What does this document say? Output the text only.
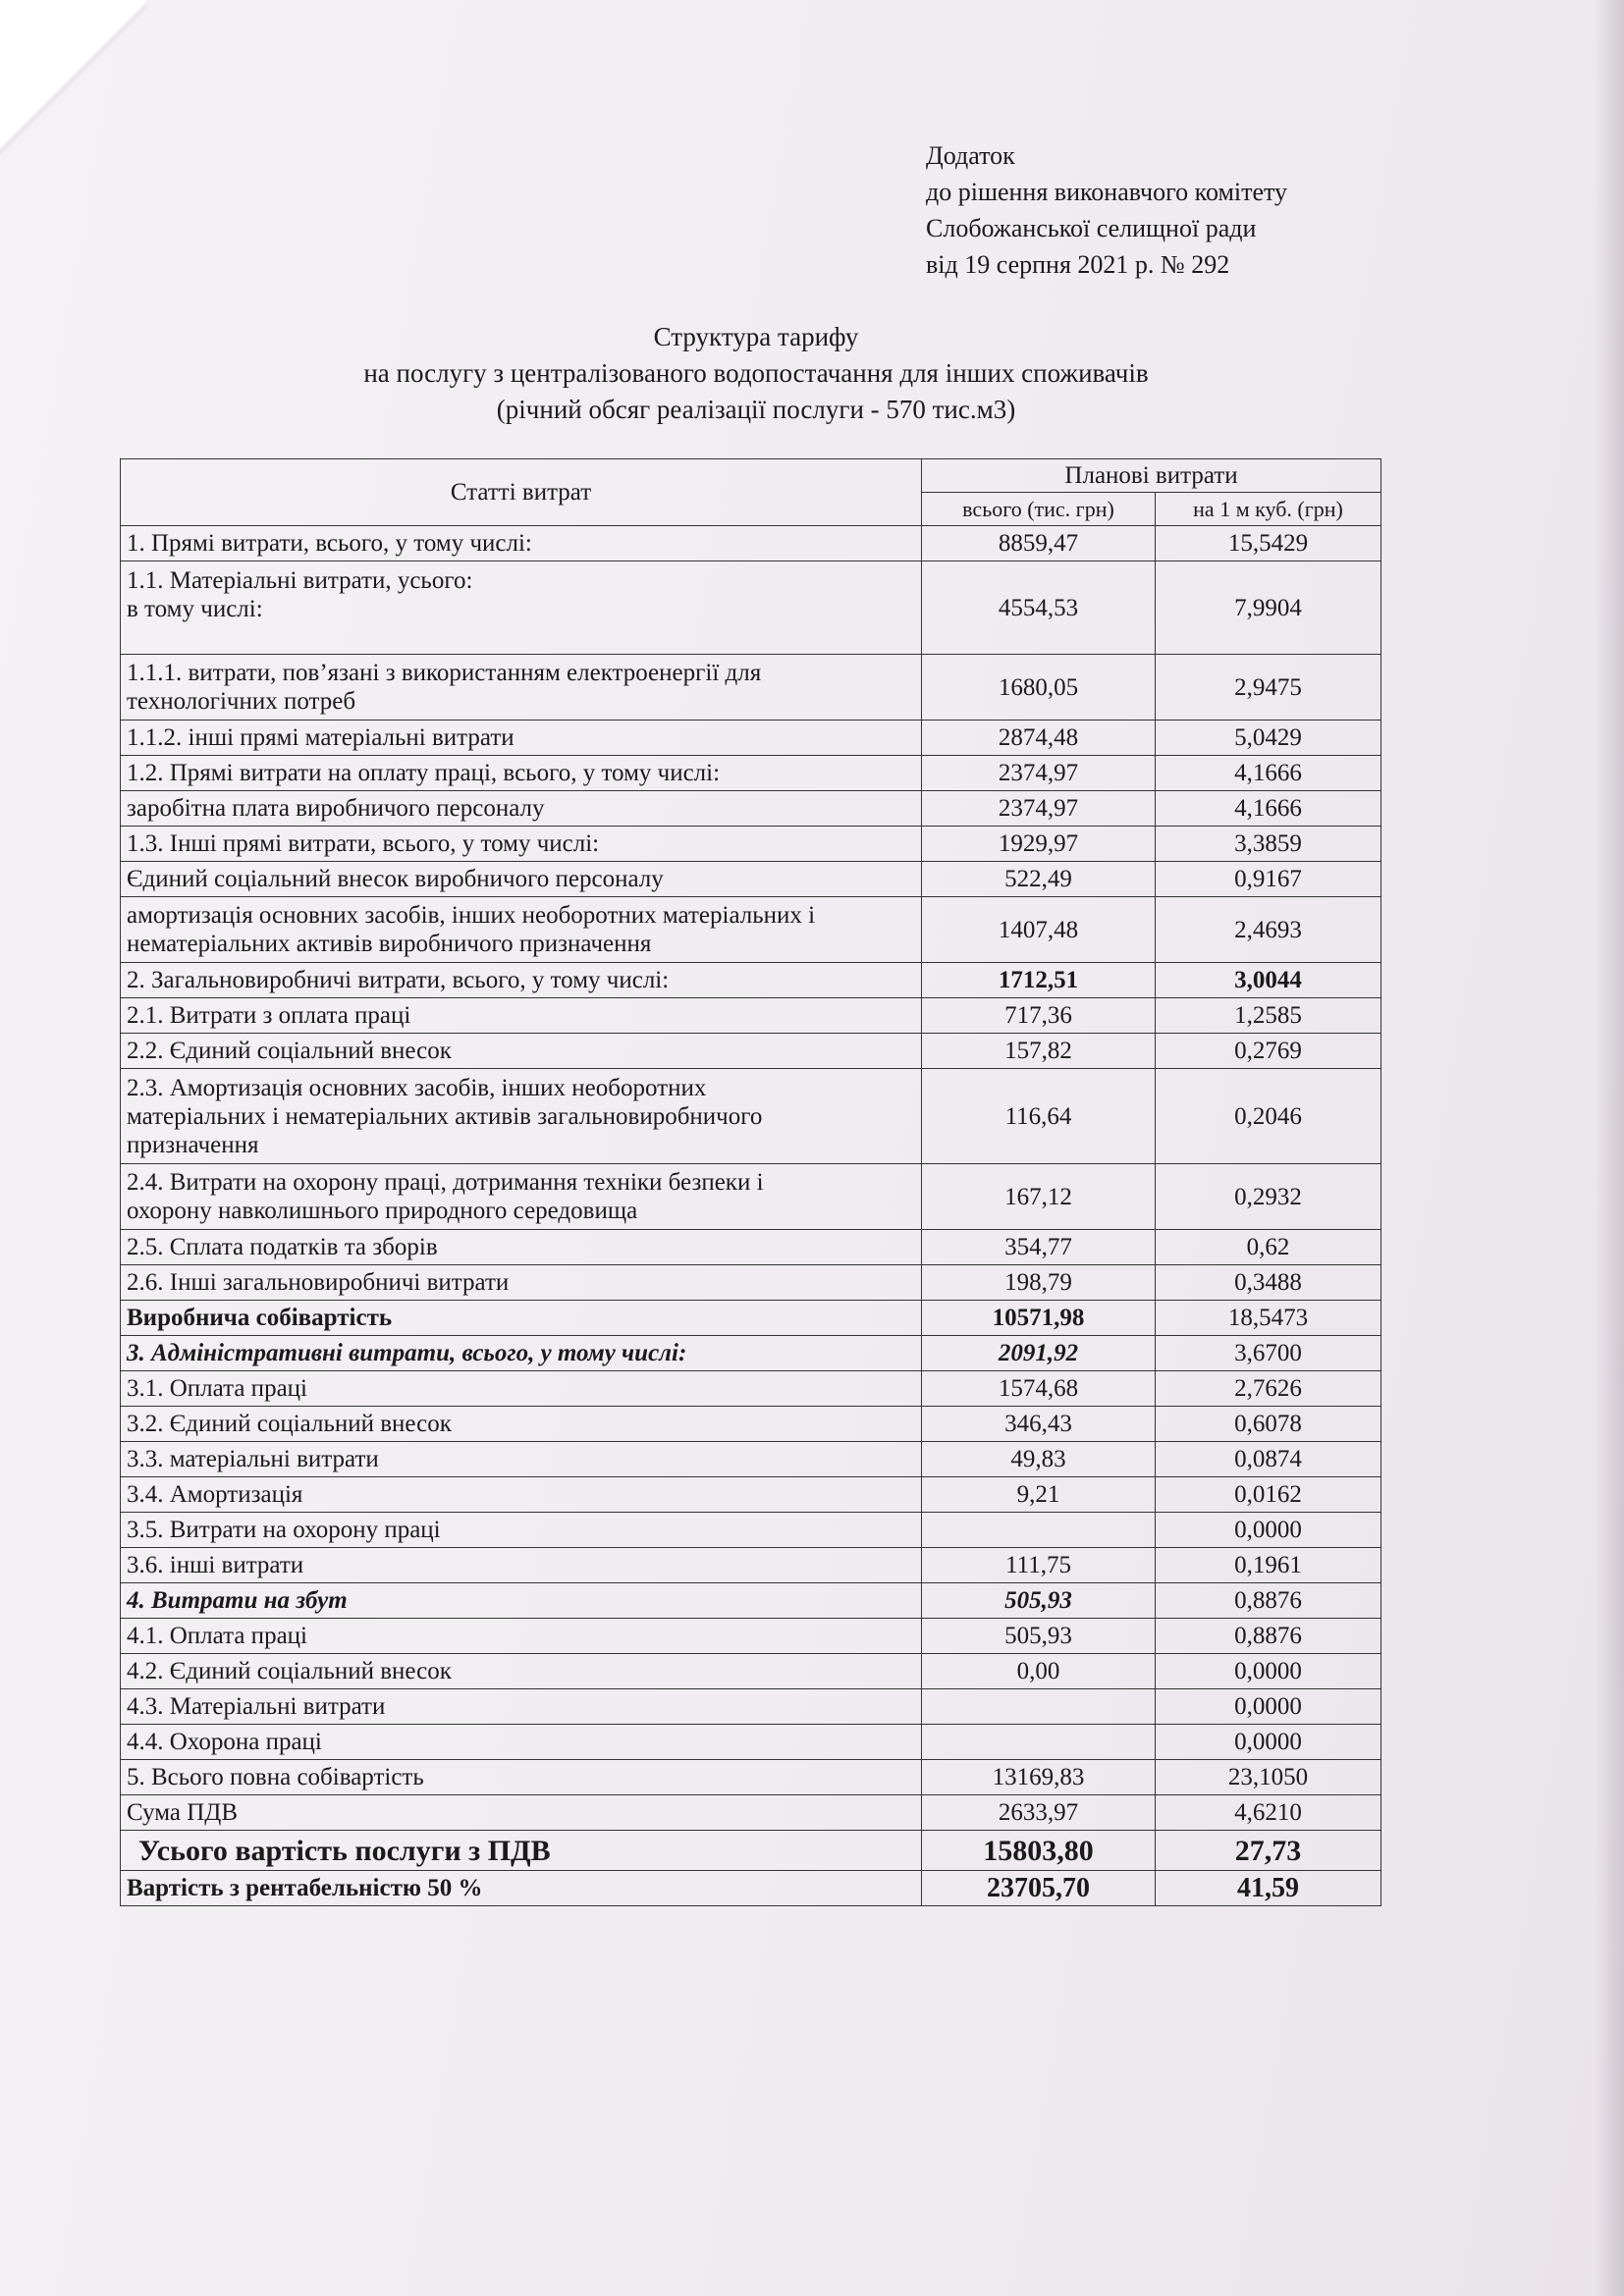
Додаток
до рішення виконавчого комітету
Слобожанської селищної ради
від 19 серпня 2021 р. № 292
Структура тарифу
на послугу з централізованого водопостачання для інших споживачів
(річний обсяг реалізації послуги - 570 тис.м3)
Статті витрат	Планові витрати	
	всього (тис. грн)	на 1 м куб. (грн)
1. Прямі витрати, всього, у тому числі:	8859,47	15,5429

1.1. Матеріальні витрати, усього:
в тому числі:	4554,53	7,9904

1.1.1. витрати, пов’язані з використанням електроенергії для
технологічних потреб	1680,05	2,9475
1.1.2. інші прямі матеріальні витрати	2874,48	5,0429
1.2. Прямі витрати на оплату праці, всього, у тому числі:	2374,97	4,1666
заробітна плата виробничого персоналу	2374,97	4,1666
1.3. Інші прямі витрати, всього, у тому числі:	1929,97	3,3859
Єдиний соціальний внесок виробничого персоналу	522,49	0,9167

амортизація основних засобів, інших необоротних матеріальних і
нематеріальних активів виробничого призначення	1407,48	2,4693
2. Загальновиробничі витрати, всього, у тому числі:	1712,51	3,0044
2.1. Витрати з оплата праці	717,36	1,2585
2.2. Єдиний соціальний внесок	157,82	0,2769

2.3. Амортизація основних засобів, інших необоротних
матеріальних і нематеріальних активів загальновиробничого
призначення	116,64	0,2046

2.4. Витрати на охорону праці, дотримання техніки безпеки і
охорону навколишнього природного середовища	167,12	0,2932
2.5. Сплата податків та зборів	354,77	0,62
2.6. Інші загальновиробничі витрати	198,79	0,3488
Виробнича собівартість	10571,98	18,5473
3. Адміністративні витрати, всього, у тому числі:	2091,92	3,6700
3.1. Оплата праці	1574,68	2,7626
3.2. Єдиний соціальний внесок	346,43	0,6078
3.3. матеріальні витрати	49,83	0,0874
3.4. Амортизація	9,21	0,0162
3.5. Витрати на охорону праці		0,0000
3.6. інші витрати	111,75	0,1961
4. Витрати на збут	505,93	0,8876
4.1. Оплата праці	505,93	0,8876
4.2. Єдиний соціальний внесок	0,00	0,0000
4.3. Матеріальні витрати		0,0000
4.4. Охорона праці		0,0000
5. Всього повна собівартість	13169,83	23,1050
Сума ПДВ	2633,97	4,6210
Усього вартість послуги з ПДВ	15803,80	27,73
Вартість з рентабельністю 50 %	23705,70	41,59
